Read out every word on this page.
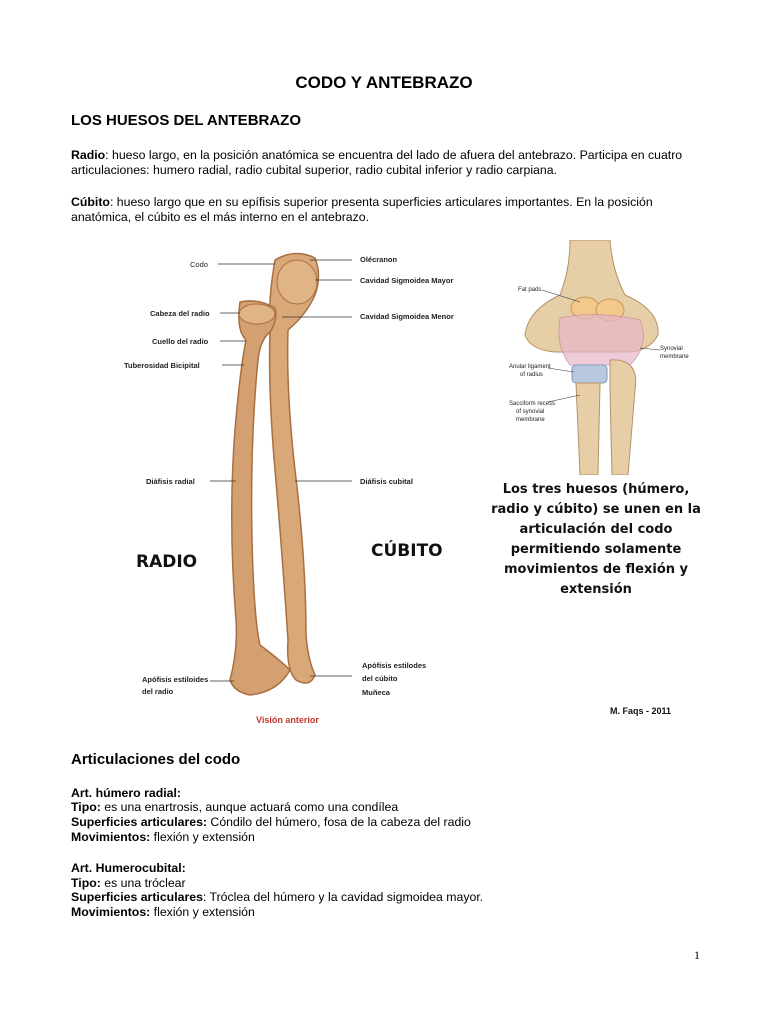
CODO Y ANTEBRAZO
LOS HUESOS DEL ANTEBRAZO
Radio: hueso largo, en la posición anatómica se encuentra del lado de afuera del antebrazo. Participa en cuatro articulaciones: humero radial, radio cubital superior, radio cubital inferior y radio carpiana.
Cúbito: hueso largo que en su epífisis superior presenta superficies articulares importantes. En la posición anatómica, el cúbito es el más interno en el antebrazo.
Codo
Cabeza del radio
Cuello del radio
Tuberosidad Bicipital
Diáfisis radial
Apófisis estiloides
del radio
Olécranon
Cavidad Sigmoidea Mayor
Cavidad Sigmoidea Menor
Diáfisis cubital
Apófisis estilodes
del cúbito
Muñeca
RADIO
CÚBITO
Visión anterior
Fat pads
Synovial
membrane
Anular ligament
of radius
Sacciform recess
of synovial
membrane
Los tres huesos (húmero,
radio y cúbito) se unen en la
articulación del codo
permitiendo solamente
movimientos de flexión y
extensión
M. Faqs - 2011
Articulaciones del codo
Art. húmero radial:
Tipo: es una enartrosis, aunque actuará como una condílea
Superficies articulares: Cóndilo del húmero, fosa de la cabeza del radio
Movimientos: flexión y extensión
Art. Humerocubital:
Tipo: es una tróclear
Superficies articulares: Tróclea del húmero y la cavidad sigmoidea mayor.
Movimientos: flexión y extensión
1
